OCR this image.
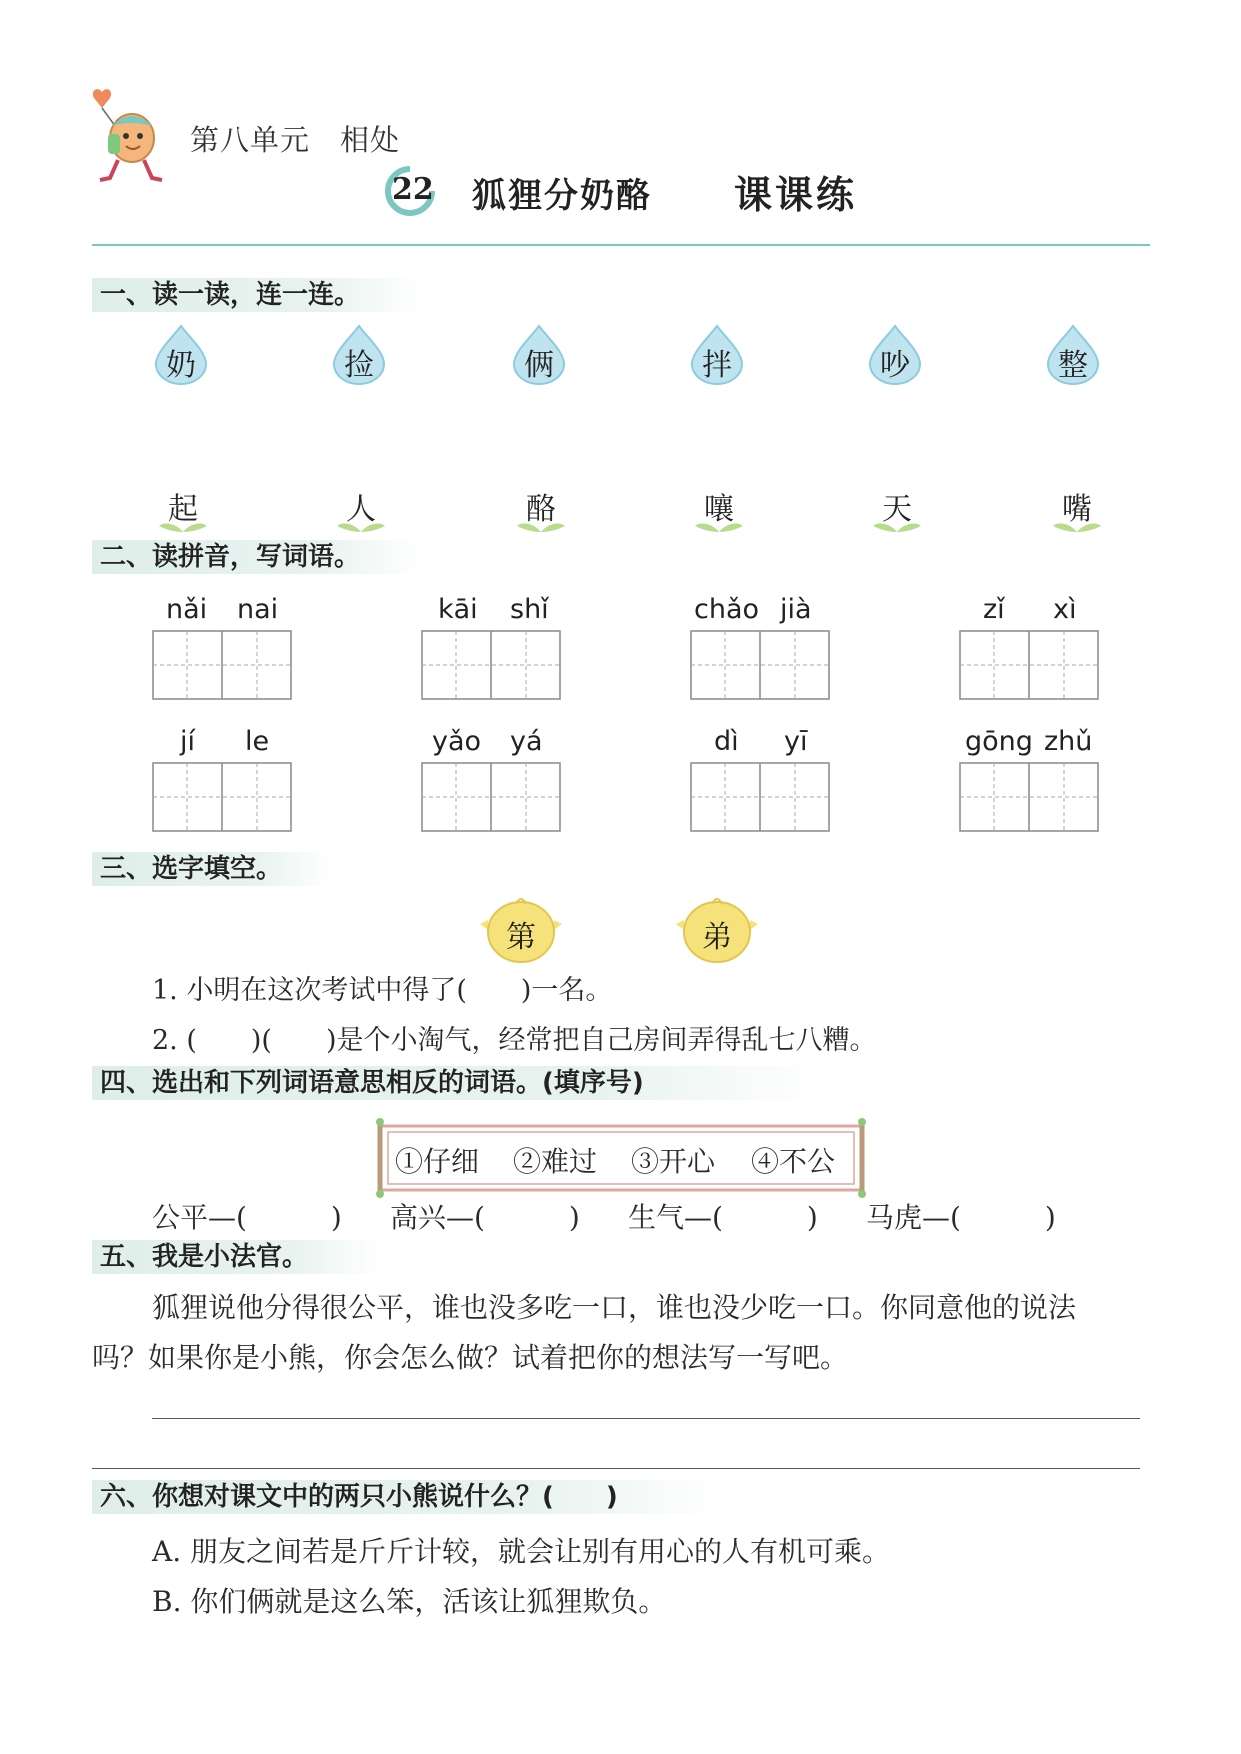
第八单元　相处
22 狐狸分奶酪 课课练
一、读一读，连一连。
奶	捡	俩	拌	吵	整
起	人	酪	嚷	天	嘴
二、读拼音，写词语。
nǎi nai	kāi shǐ	chǎo jià	zǐ xì
jí le	yǎo yá	dì yī	gōng zhǔ
三、选字填空。
第	弟
1. 小明在这次考试中得了(　　)一名。
2. (　　)(　　)是个小淘气，经常把自己房间弄得乱七八糟。
四、选出和下列词语意思相反的词语。(填序号)
①仔细 ②难过 ③开心 ④不公
公平—(　　　) 高兴—(　　　) 生气—(　　　) 马虎—(　　　)
五、我是小法官。
狐狸说他分得很公平，谁也没多吃一口，谁也没少吃一口。你同意他的说法
吗？如果你是小熊，你会怎么做？试着把你的想法写一写吧。
六、你想对课文中的两只小熊说什么？(　　)
A. 朋友之间若是斤斤计较，就会让别有用心的人有机可乘。
B. 你们俩就是这么笨，活该让狐狸欺负。
